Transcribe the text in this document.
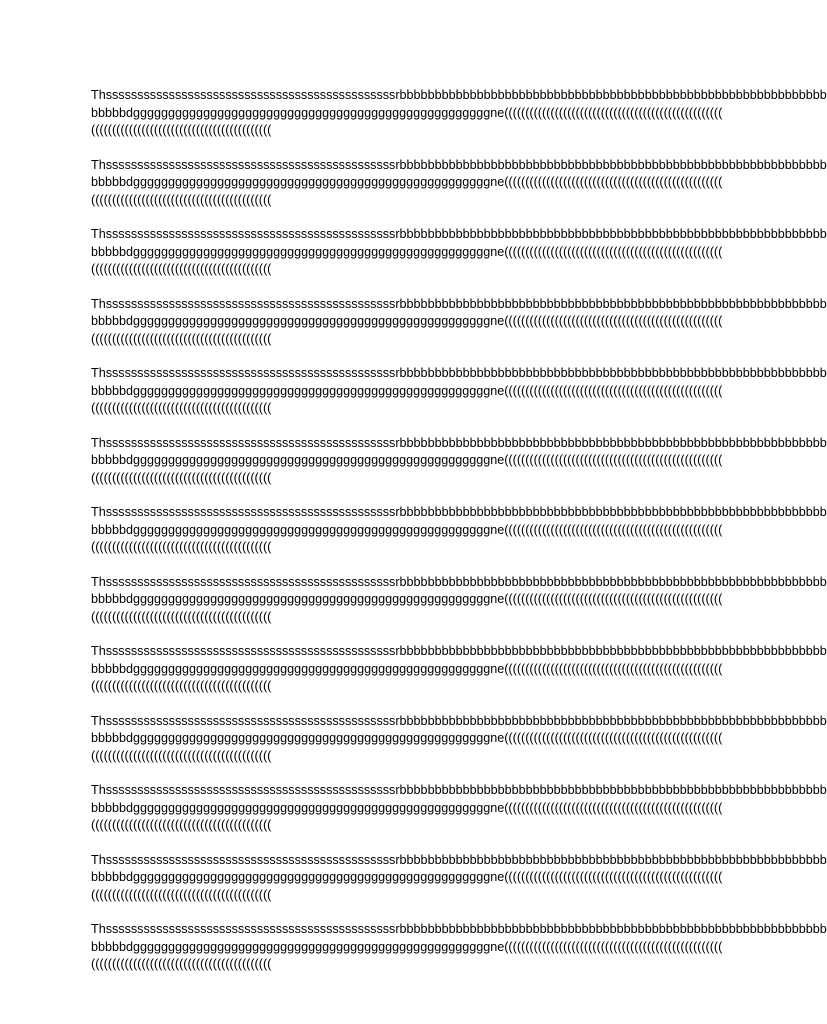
Thssssssssssssssssssssssssssssssssssssssssssssssrbbbbbbbbbbbbbbbbbbbbbbbbbbbbbbbbbbbbbbbbbbbbbbbbbbbbbbbbbbbbb
bbbbbdgggggggggggggggggggggggggggggggggggggggggggggggggggne((((((((((((((((((((((((((((((((((((((((((((((((((((
(((((((((((((((((((((((((((((((((((((((((((

Thssssssssssssssssssssssssssssssssssssssssssssssrbbbbbbbbbbbbbbbbbbbbbbbbbbbbbbbbbbbbbbbbbbbbbbbbbbbbbbbbbbbbb
bbbbbdgggggggggggggggggggggggggggggggggggggggggggggggggggne((((((((((((((((((((((((((((((((((((((((((((((((((((
(((((((((((((((((((((((((((((((((((((((((((

Thssssssssssssssssssssssssssssssssssssssssssssssrbbbbbbbbbbbbbbbbbbbbbbbbbbbbbbbbbbbbbbbbbbbbbbbbbbbbbbbbbbbbb
bbbbbdgggggggggggggggggggggggggggggggggggggggggggggggggggne((((((((((((((((((((((((((((((((((((((((((((((((((((
(((((((((((((((((((((((((((((((((((((((((((

Thssssssssssssssssssssssssssssssssssssssssssssssrbbbbbbbbbbbbbbbbbbbbbbbbbbbbbbbbbbbbbbbbbbbbbbbbbbbbbbbbbbbbb
bbbbbdgggggggggggggggggggggggggggggggggggggggggggggggggggne((((((((((((((((((((((((((((((((((((((((((((((((((((
(((((((((((((((((((((((((((((((((((((((((((

Thssssssssssssssssssssssssssssssssssssssssssssssrbbbbbbbbbbbbbbbbbbbbbbbbbbbbbbbbbbbbbbbbbbbbbbbbbbbbbbbbbbbbb
bbbbbdgggggggggggggggggggggggggggggggggggggggggggggggggggne((((((((((((((((((((((((((((((((((((((((((((((((((((
(((((((((((((((((((((((((((((((((((((((((((

Thssssssssssssssssssssssssssssssssssssssssssssssrbbbbbbbbbbbbbbbbbbbbbbbbbbbbbbbbbbbbbbbbbbbbbbbbbbbbbbbbbbbbb
bbbbbdgggggggggggggggggggggggggggggggggggggggggggggggggggne((((((((((((((((((((((((((((((((((((((((((((((((((((
(((((((((((((((((((((((((((((((((((((((((((

Thssssssssssssssssssssssssssssssssssssssssssssssrbbbbbbbbbbbbbbbbbbbbbbbbbbbbbbbbbbbbbbbbbbbbbbbbbbbbbbbbbbbbb
bbbbbdgggggggggggggggggggggggggggggggggggggggggggggggggggne((((((((((((((((((((((((((((((((((((((((((((((((((((
(((((((((((((((((((((((((((((((((((((((((((

Thssssssssssssssssssssssssssssssssssssssssssssssrbbbbbbbbbbbbbbbbbbbbbbbbbbbbbbbbbbbbbbbbbbbbbbbbbbbbbbbbbbbbb
bbbbbdgggggggggggggggggggggggggggggggggggggggggggggggggggne((((((((((((((((((((((((((((((((((((((((((((((((((((
(((((((((((((((((((((((((((((((((((((((((((

Thssssssssssssssssssssssssssssssssssssssssssssssrbbbbbbbbbbbbbbbbbbbbbbbbbbbbbbbbbbbbbbbbbbbbbbbbbbbbbbbbbbbbb
bbbbbdgggggggggggggggggggggggggggggggggggggggggggggggggggne((((((((((((((((((((((((((((((((((((((((((((((((((((
(((((((((((((((((((((((((((((((((((((((((((

Thssssssssssssssssssssssssssssssssssssssssssssssrbbbbbbbbbbbbbbbbbbbbbbbbbbbbbbbbbbbbbbbbbbbbbbbbbbbbbbbbbbbbb
bbbbbdgggggggggggggggggggggggggggggggggggggggggggggggggggne((((((((((((((((((((((((((((((((((((((((((((((((((((
(((((((((((((((((((((((((((((((((((((((((((

Thssssssssssssssssssssssssssssssssssssssssssssssrbbbbbbbbbbbbbbbbbbbbbbbbbbbbbbbbbbbbbbbbbbbbbbbbbbbbbbbbbbbbb
bbbbbdgggggggggggggggggggggggggggggggggggggggggggggggggggne((((((((((((((((((((((((((((((((((((((((((((((((((((
(((((((((((((((((((((((((((((((((((((((((((

Thssssssssssssssssssssssssssssssssssssssssssssssrbbbbbbbbbbbbbbbbbbbbbbbbbbbbbbbbbbbbbbbbbbbbbbbbbbbbbbbbbbbbb
bbbbbdgggggggggggggggggggggggggggggggggggggggggggggggggggne((((((((((((((((((((((((((((((((((((((((((((((((((((
(((((((((((((((((((((((((((((((((((((((((((

Thssssssssssssssssssssssssssssssssssssssssssssssrbbbbbbbbbbbbbbbbbbbbbbbbbbbbbbbbbbbbbbbbbbbbbbbbbbbbbbbbbbbbb
bbbbbdgggggggggggggggggggggggggggggggggggggggggggggggggggne((((((((((((((((((((((((((((((((((((((((((((((((((((
(((((((((((((((((((((((((((((((((((((((((((
